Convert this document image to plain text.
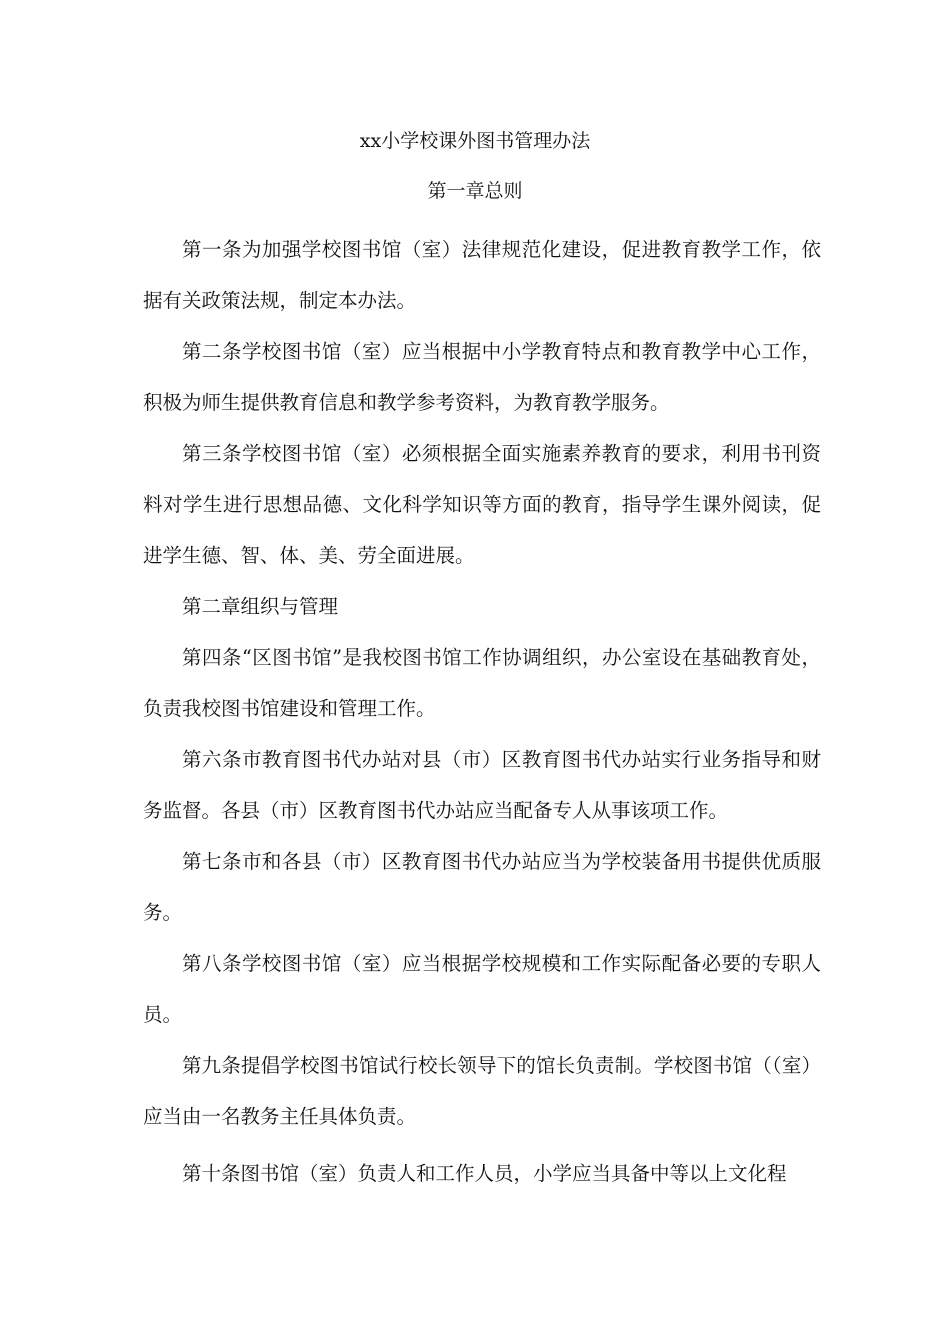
xx小学校课外图书管理办法

第一章总则

第一条为加强学校图书馆（室）法律规范化建设，促进教育教学工作，依据有关政策法规，制定本办法。

第二条学校图书馆（室）应当根据中小学教育特点和教育教学中心工作，积极为师生提供教育信息和教学参考资料，为教育教学服务。

第三条学校图书馆（室）必须根据全面实施素养教育的要求，利用书刊资料对学生进行思想品德、文化科学知识等方面的教育，指导学生课外阅读，促进学生德、智、体、美、劳全面进展。

第二章组织与管理

第四条“区图书馆”是我校图书馆工作协调组织，办公室设在基础教育处，负责我校图书馆建设和管理工作。

第六条市教育图书代办站对县（市）区教育图书代办站实行业务指导和财务监督。各县（市）区教育图书代办站应当配备专人从事该项工作。

第七条市和各县（市）区教育图书代办站应当为学校装备用书提供优质服务。

第八条学校图书馆（室）应当根据学校规模和工作实际配备必要的专职人员。

第九条提倡学校图书馆试行校长领导下的馆长负责制。学校图书馆（（室）应当由一名教务主任具体负责。

第十条图书馆（室）负责人和工作人员，小学应当具备中等以上文化程
